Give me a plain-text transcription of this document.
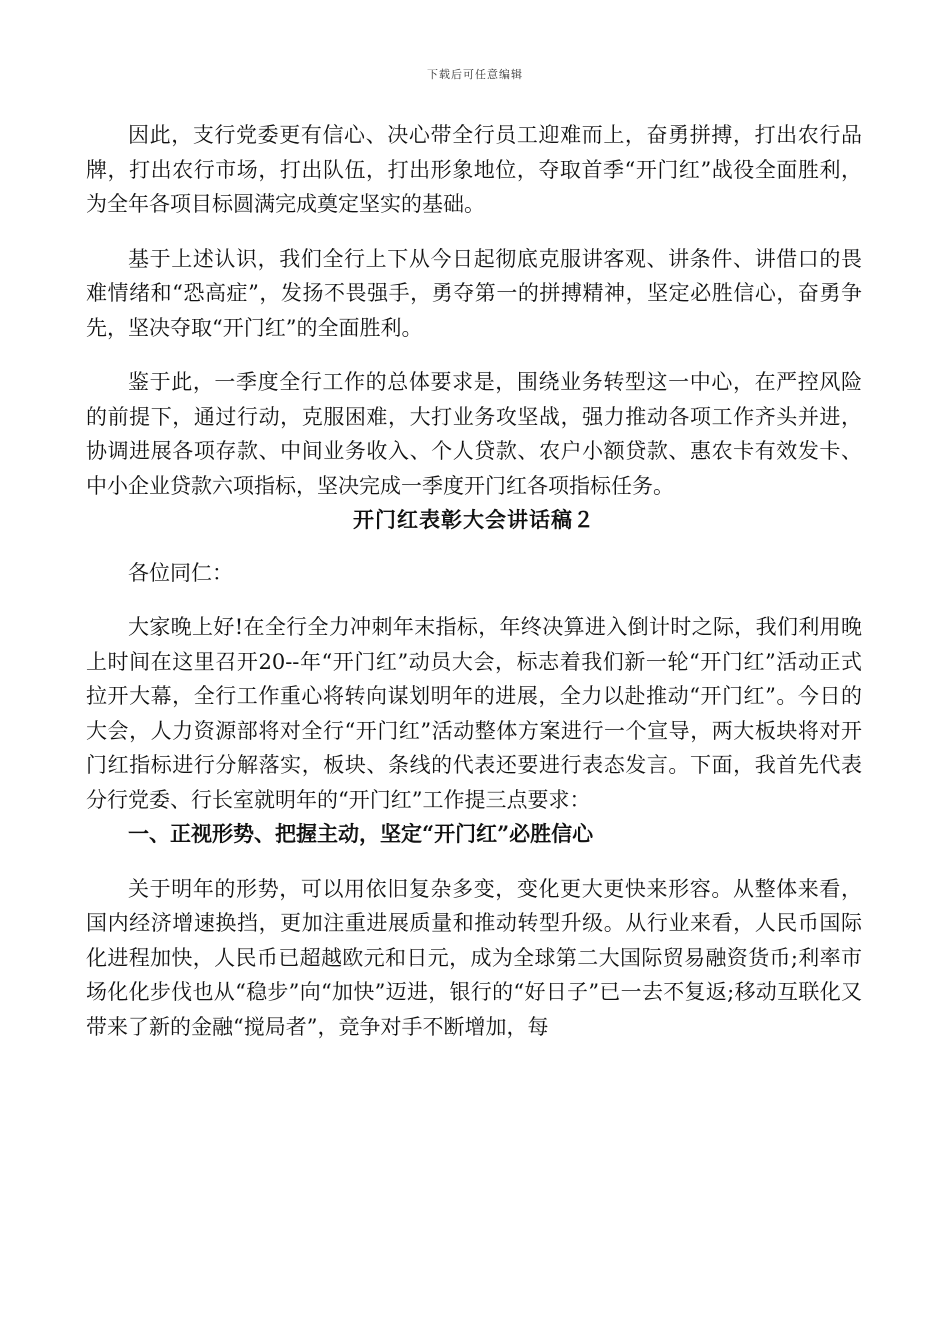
下载后可任意编辑

因此，支行党委更有信心、决心带全行员工迎难而上，奋勇拼搏，打出农行品牌，打出农行市场，打出队伍，打出形象地位，夺取首季“开门红”战役全面胜利，为全年各项目标圆满完成奠定坚实的基础。

基于上述认识，我们全行上下从今日起彻底克服讲客观、讲条件、讲借口的畏难情绪和“恐高症”，发扬不畏强手，勇夺第一的拼搏精神，坚定必胜信心，奋勇争先，坚决夺取“开门红”的全面胜利。

鉴于此，一季度全行工作的总体要求是，围绕业务转型这一中心，在严控风险的前提下，通过行动，克服困难，大打业务攻坚战，强力推动各项工作齐头并进，协调进展各项存款、中间业务收入、个人贷款、农户小额贷款、惠农卡有效发卡、中小企业贷款六项指标，坚决完成一季度开门红各项指标任务。

开门红表彰大会讲话稿２

各位同仁：

大家晚上好!在全行全力冲刺年末指标，年终决算进入倒计时之际，我们利用晚上时间在这里召开20--年“开门红”动员大会，标志着我们新一轮“开门红”活动正式拉开大幕，全行工作重心将转向谋划明年的进展，全力以赴推动“开门红”。今日的大会，人力资源部将对全行“开门红”活动整体方案进行一个宣导，两大板块将对开门红指标进行分解落实，板块、条线的代表还要进行表态发言。下面，我首先代表分行党委、行长室就明年的“开门红”工作提三点要求：

一、正视形势、把握主动，坚定“开门红”必胜信心

关于明年的形势，可以用依旧复杂多变，变化更大更快来形容。从整体来看，国内经济增速换挡，更加注重进展质量和推动转型升级。从行业来看，人民币国际化进程加快，人民币已超越欧元和日元，成为全球第二大国际贸易融资货币;利率市场化化步伐也从“稳步”向“加快”迈进，银行的“好日子”已一去不复返;移动互联化又带来了新的金融“搅局者”，竞争对手不断增加，每
